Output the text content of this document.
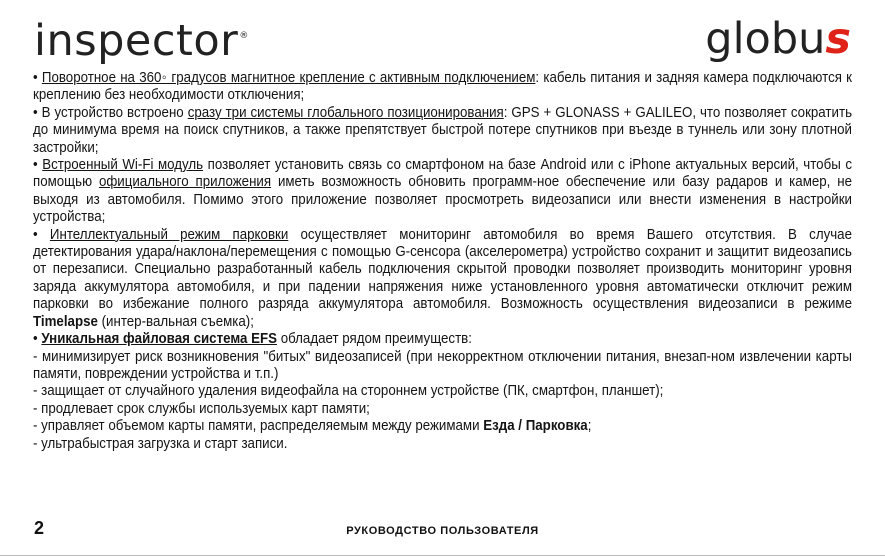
inspector®	globus

• Поворотное на 360◦ градусов магнитное крепление с активным подключением: кабель питания и задняя камера подключаются к креплению без необходимости отключения;

• В устройство встроено сразу три системы глобального позиционирования: GPS + GLONASS + GALILEO, что позволяет сократить до минимума время на поиск спутников, а также препятствует быстрой потере спутников при въезде в туннель или зону плотной застройки;

• Встроенный Wi-Fi модуль позволяет установить связь со смартфоном на базе Android или с iPhone актуальных версий, чтобы с помощью официального приложения иметь возможность обновить программ-ное обеспечение или базу радаров и камер, не выходя из автомобиля. Помимо этого приложение позволяет просмотреть видеозаписи или внести изменения в настройки устройства;

• Интеллектуальный режим парковки осуществляет мониторинг автомобиля во время Вашего отсутствия. В случае детектирования удара/наклона/перемещения с помощью G-сенсора (акселерометра) устройство сохранит и защитит видеозапись от перезаписи. Специально разработанный кабель подключения скрытой проводки позволяет производить мониторинг уровня заряда аккумулятора автомобиля, и при падении напряжения ниже установленного уровня автоматически отключит режим парковки во избежание полного разряда аккумулятора автомобиля. Возможность осуществления видеозаписи в режиме Timelapse (интер-вальная съемка);

• Уникальная файловая система EFS обладает рядом преимуществ:

- минимизирует риск возникновения "битых" видеозаписей (при некорректном отключении питания, внезап-ном извлечении карты памяти, повреждении устройства и т.п.)

- защищает от случайного удаления видеофайла на стороннем устройстве (ПК, смартфон, планшет);

- продлевает срок службы используемых карт памяти;

- управляет объемом карты памяти, распределяемым между режимами Езда / Парковка;

- ультрабыстрая загрузка и старт записи.

2	РУКОВОДСТВО ПОЛЬЗОВАТЕЛЯ
